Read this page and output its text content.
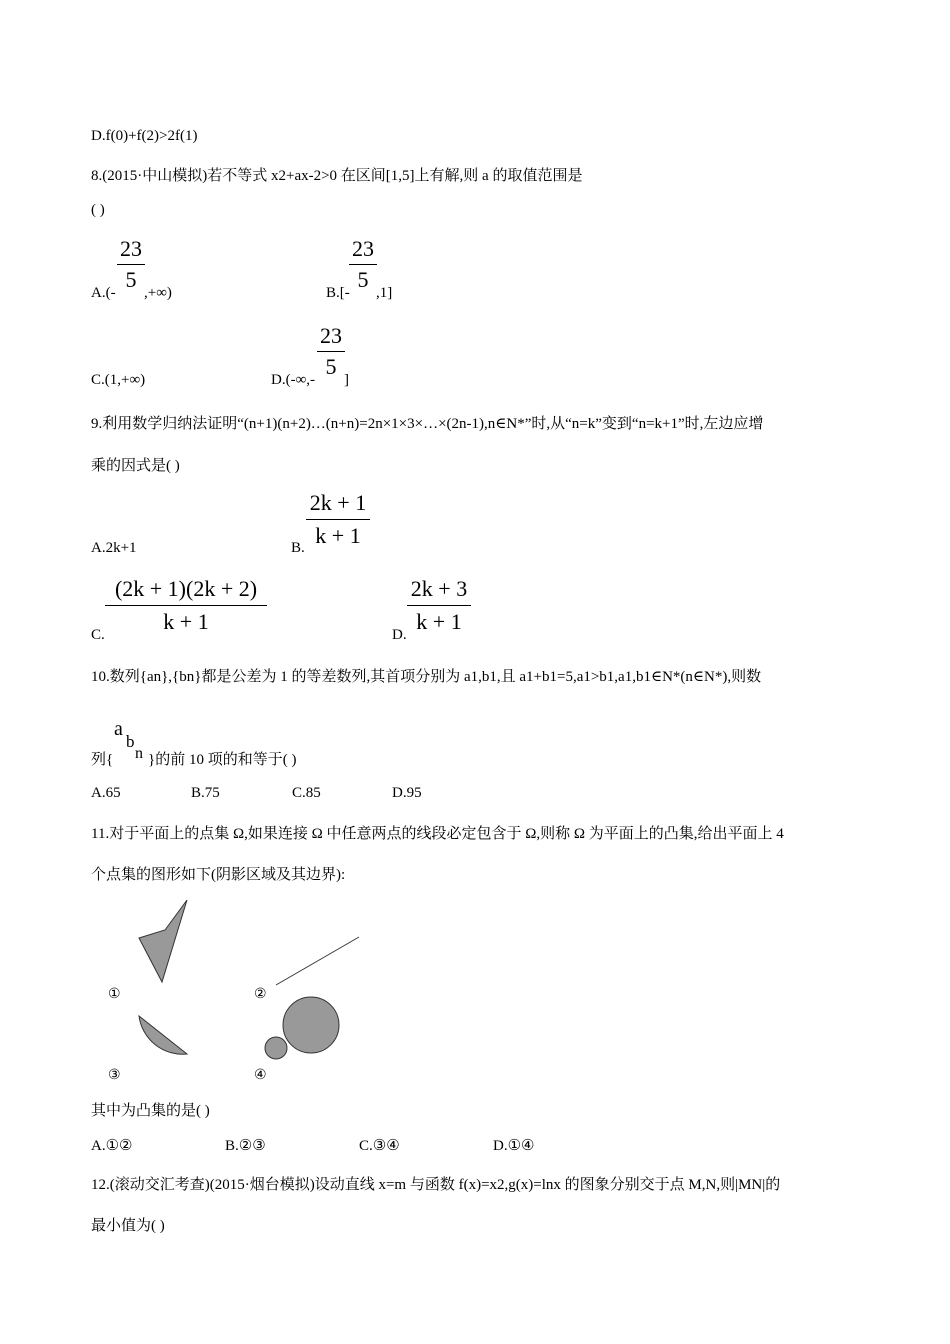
D.f(0)+f(2)>2f(1)
8.(2015·中山模拟)若不等式 x2+ax-2>0 在区间[1,5]上有解,则 a 的取值范围是
( )
A.(-
23
5
,+∞)	B.[-
23
5
,1]
C.(1,+∞)	D.(-∞,-
23
5
]
9.利用数学归纳法证明“(n+1)(n+2)…(n+n)=2n×1×3×…×(2n-1),n∈N*”时,从“n=k”变到“n=k+1”时,左边应增
乘的因式是( )
A.2k+1	B.
2k + 1
k + 1
C.
(2k + 1)(2k + 2)
k + 1
D.
2k + 3
k + 1
10.数列{an},{bn}都是公差为 1 的等差数列,其首项分别为 a1,b1,且 a1+b1=5,a1>b1,a1,b1∈N*(n∈N*),则数
列{
a
b
n }的前 10 项的和等于( )
A.65	B.75	C.85	D.95
11.对于平面上的点集 Ω,如果连接 Ω 中任意两点的线段必定包含于 Ω,则称 Ω 为平面上的凸集,给出平面上 4
个点集的图形如下(阴影区域及其边界):
①	②
③	④
其中为凸集的是( )
A.①②	B.②③	C.③④	D.①④
12.(滚动交汇考查)(2015·烟台模拟)设动直线 x=m 与函数 f(x)=x2,g(x)=lnx 的图象分别交于点 M,N,则|MN|的
最小值为( )
